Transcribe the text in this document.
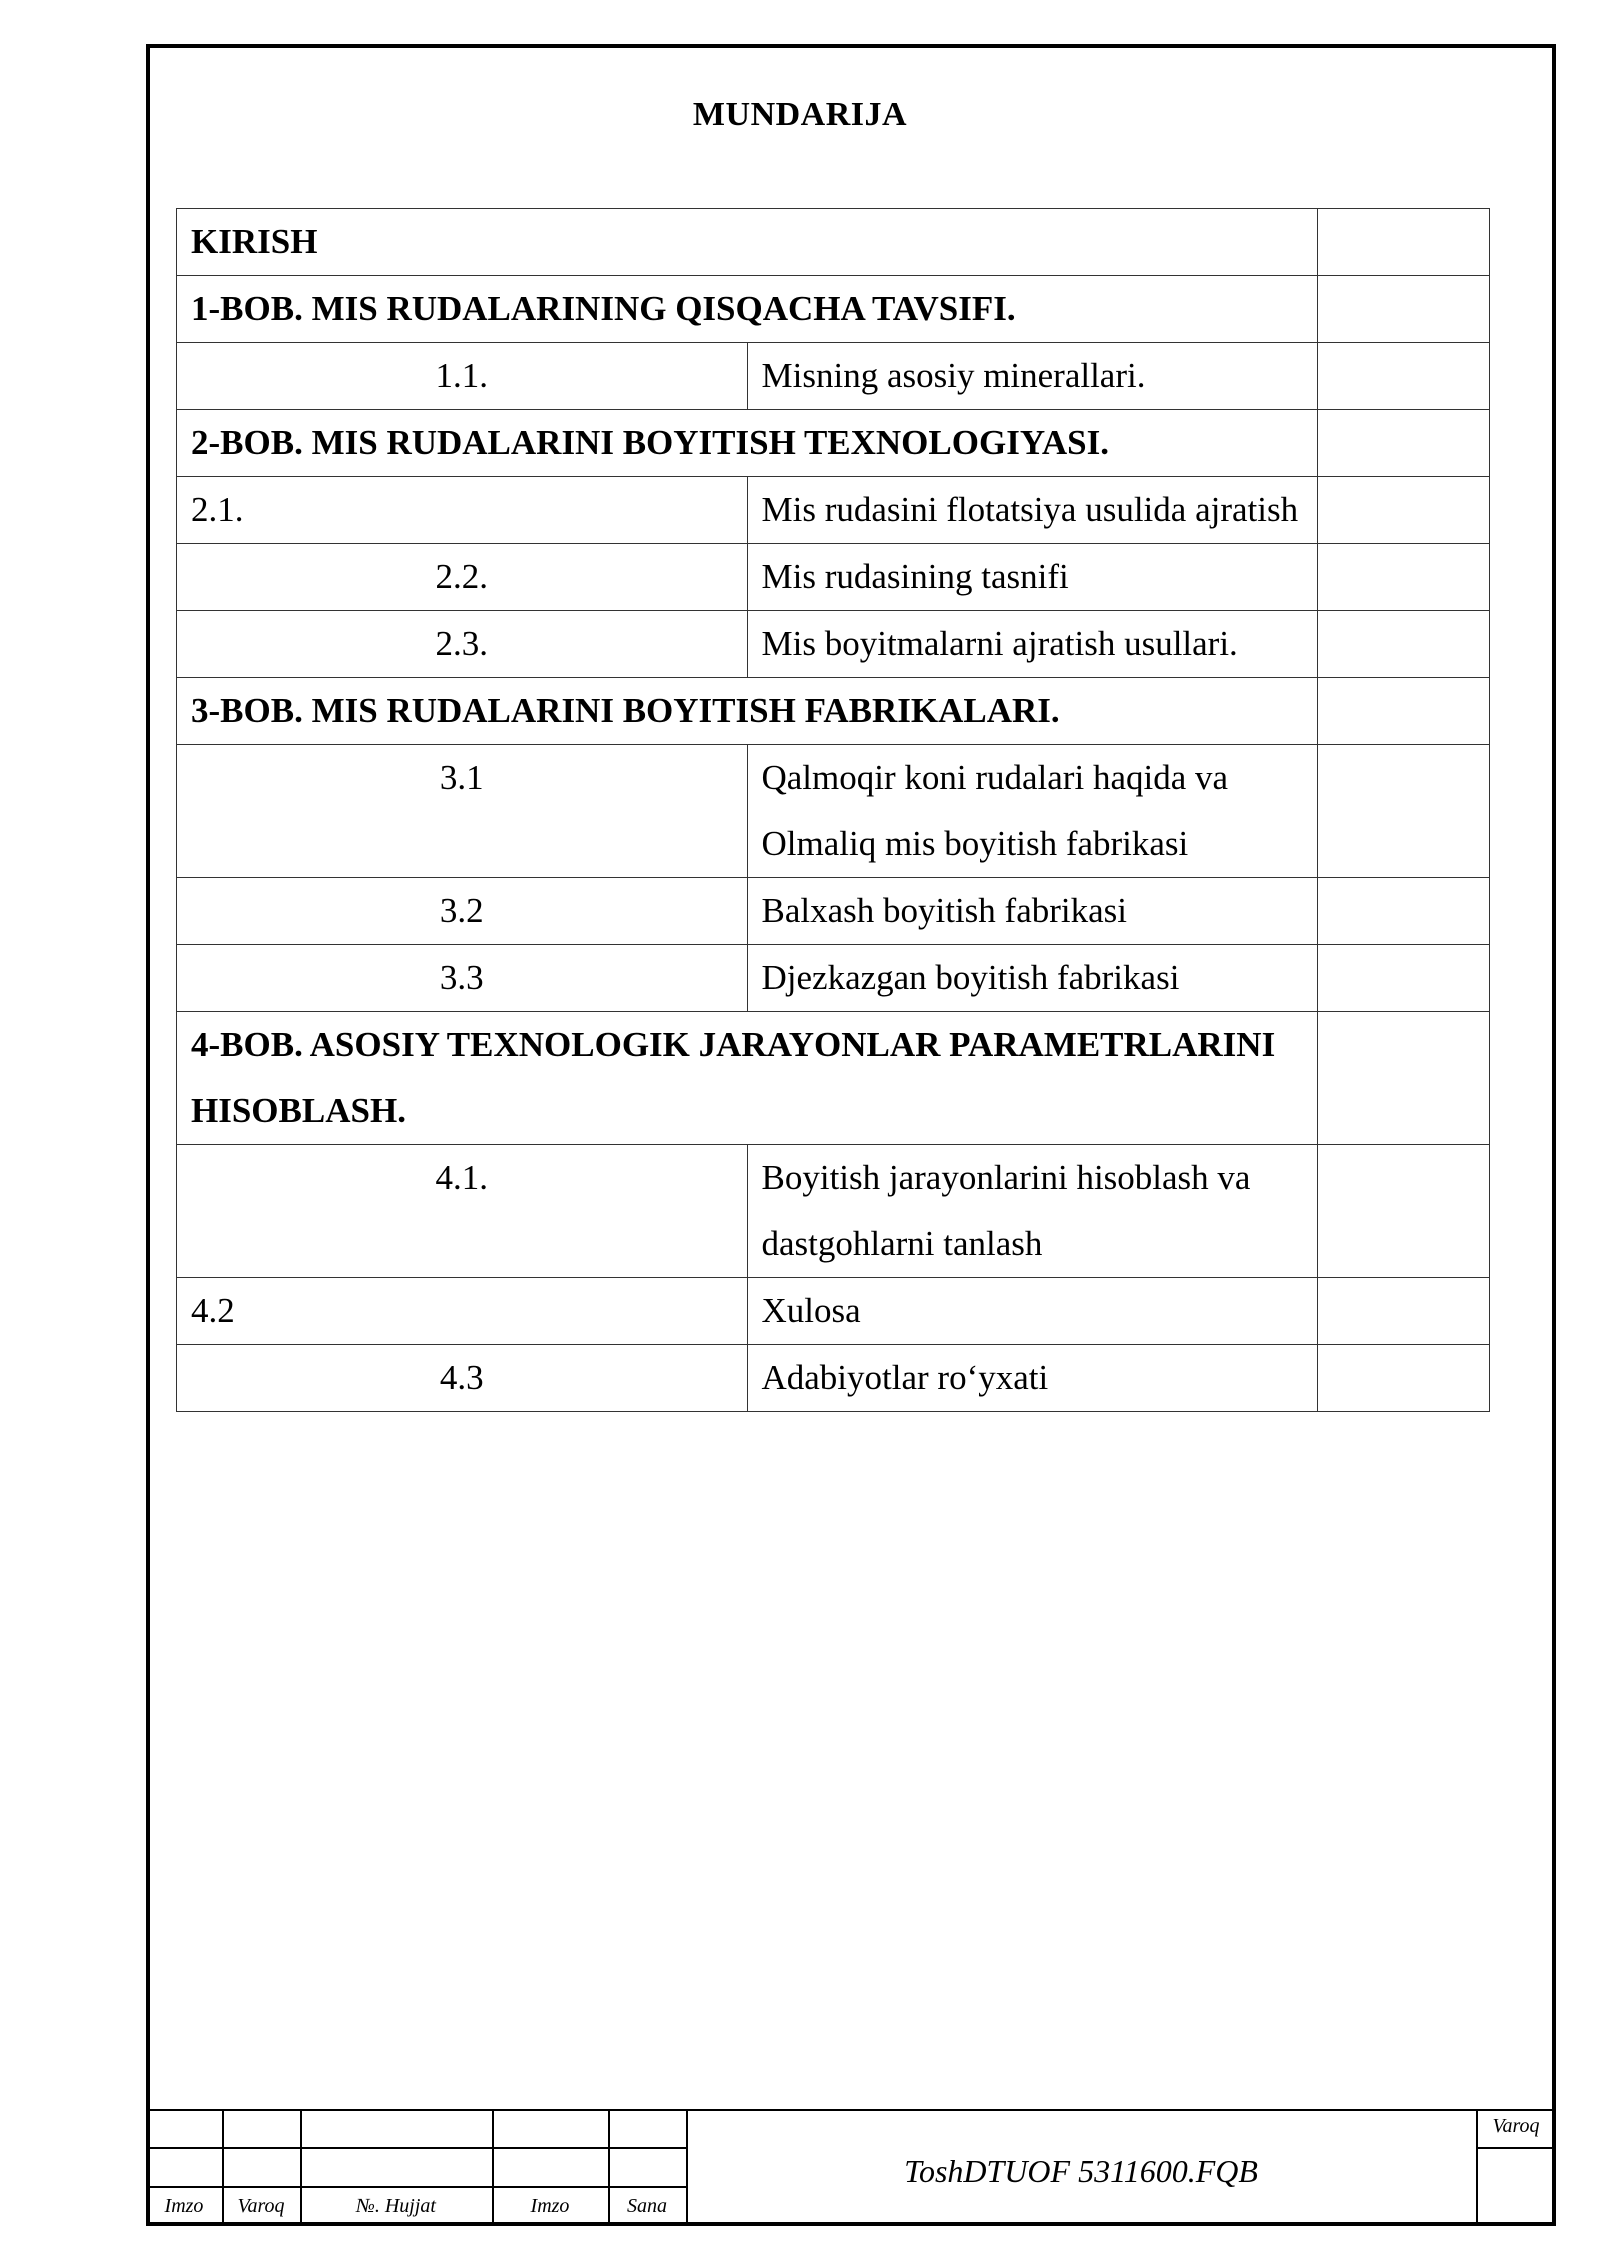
MUNDARIJA
KIRISH		
1-BOB. MIS RUDALARINING QISQACHA TAVSIFI.		
1.1.	Misning asosiy minerallari.	
2-BOB. MIS RUDALARINI BOYITISH TEXNOLOGIYASI.		
2.1.	Mis rudasini flotatsiya usulida ajratish	
2.2.	Mis rudasining tasnifi	
2.3.	Mis boyitmalarni ajratish usullari.	
3-BOB. MIS RUDALARINI BOYITISH FABRIKALARI.		
3.1	Qalmoqir koni rudalari haqida va Olmaliq mis boyitish fabrikasi	
3.2	Balxash boyitish fabrikasi	
3.3	Djezkazgan boyitish fabrikasi	
4-BOB. ASOSIY TEXNOLOGIK JARAYONLAR PARAMETRLARINI HISOBLASH.		
4.1.	Boyitish jarayonlarini hisoblash va dastgohlarni tanlash	
4.2	Xulosa	
4.3	Adabiyotlar ro‘yxati	
Imzo	Varoq	№. Hujjat	Imzo	Sana
ToshDTUOF 5311600.FQB
Varoq
